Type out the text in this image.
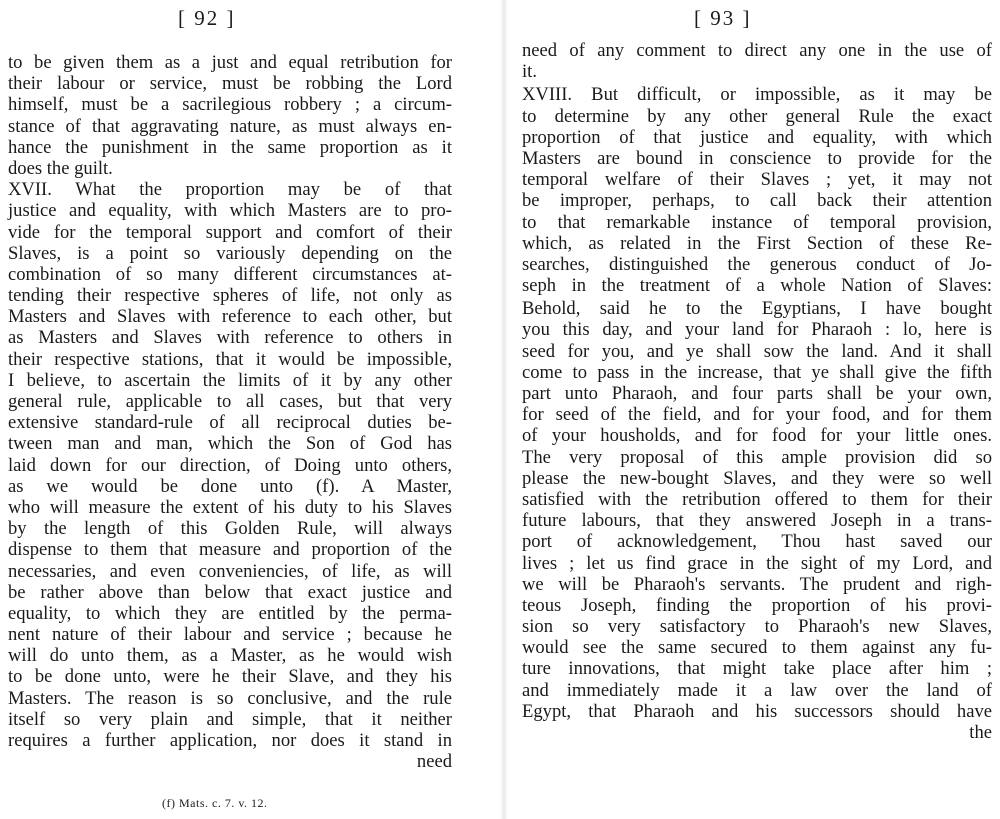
[ 92 ]
to be given them as a just and equal retribution for
their labour or service, must be robbing the Lord
himself, must be a sacrilegious robbery ; a circum-
stance of that aggravating nature, as must always en-
hance the punishment in the same proportion as it
does the guilt.
XVII. What the proportion may be of that
justice and equality, with which Masters are to pro-
vide for the temporal support and comfort of their
Slaves, is a point so variously depending on the
combination of so many different circumstances at-
tending their respective spheres of life, not only as
Masters and Slaves with reference to each other, but
as Masters and Slaves with reference to others in
their respective stations, that it would be impossible,
I believe, to ascertain the limits of it by any other
general rule, applicable to all cases, but that very
extensive standard-rule of all reciprocal duties be-
tween man and man, which the Son of God has
laid down for our direction, of Doing unto others,
as we would be done unto (f). A Master,
who will measure the extent of his duty to his Slaves
by the length of this Golden Rule, will always
dispense to them that measure and proportion of the
necessaries, and even conveniencies, of life, as will
be rather above than below that exact justice and
equality, to which they are entitled by the perma-
nent nature of their labour and service ; because he
will do unto them, as a Master, as he would wish
to be done unto, were he their Slave, and they his
Masters. The reason is so conclusive, and the rule
itself so very plain and simple, that it neither
requires a further application, nor does it stand in
need
(f) Mats. c. 7. v. 12.
[ 93 ]
need of any comment to direct any one in the use of
it.
XVIII. But difficult, or impossible, as it may be
to determine by any other general Rule the exact
proportion of that justice and equality, with which
Masters are bound in conscience to provide for the
temporal welfare of their Slaves ; yet, it may not
be improper, perhaps, to call back their attention
to that remarkable instance of temporal provision,
which, as related in the First Section of these Re-
searches, distinguished the generous conduct of Jo-
seph in the treatment of a whole Nation of Slaves:
Behold, said he to the Egyptians, I have bought
you this day, and your land for Pharaoh : lo, here is
seed for you, and ye shall sow the land. And it shall
come to pass in the increase, that ye shall give the fifth
part unto Pharaoh, and four parts shall be your own,
for seed of the field, and for your food, and for them
of your housholds, and for food for your little ones.
The very proposal of this ample provision did so
please the new-bought Slaves, and they were so well
satisfied with the retribution offered to them for their
future labours, that they answered Joseph in a trans-
port of acknowledgement, Thou hast saved our
lives ; let us find grace in the sight of my Lord, and
we will be Pharaoh's servants. The prudent and righ-
teous Joseph, finding the proportion of his provi-
sion so very satisfactory to Pharaoh's new Slaves,
would see the same secured to them against any fu-
ture innovations, that might take place after him ;
and immediately made it a law over the land of
Egypt, that Pharaoh and his successors should have
the
